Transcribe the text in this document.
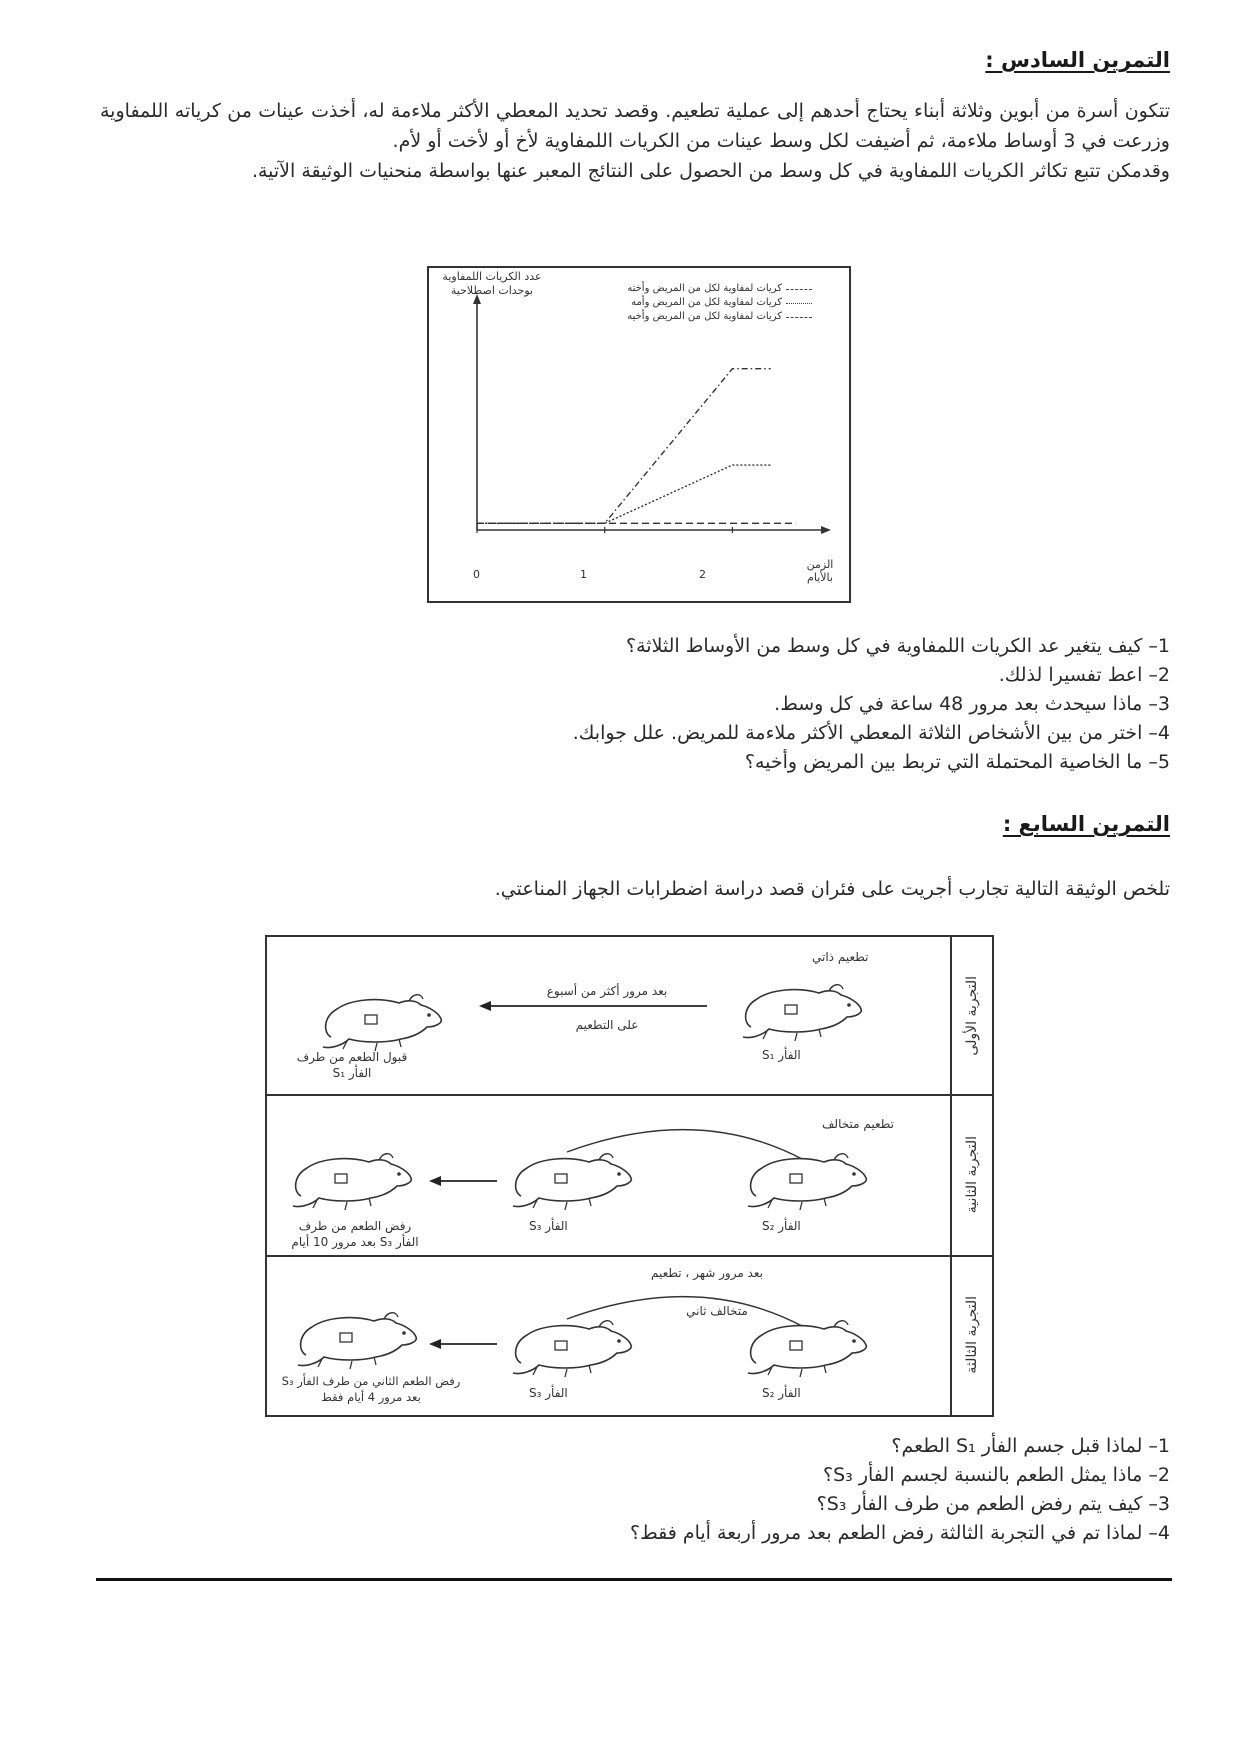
التمرين السادس :

تتكون أسرة من أبوين وثلاثة أبناء يحتاج أحدهم إلى عملية تطعيم. وقصد تحديد المعطي الأكثر ملاءمة له، أخذت عينات من كرياته اللمفاوية وزرعت في 3 أوساط ملاءمة، ثم أضيفت لكل وسط عينات من الكريات اللمفاوية لأخ أو لأخت أو لأم.

وقدمكن تتبع تكاثر الكريات اللمفاوية في كل وسط من الحصول على النتائج المعبر عنها بواسطة منحنيات الوثيقة الآتية.

عدد الكريات اللمفاوية بوحدات اصطلاحية	كريات لمفاوية لكل من المريض وأخته
كريات لمفاوية لكل من المريض وأمه
كريات لمفاوية لكل من المريض وأخيه
الزمن بالأيام
0	1	2
1– كيف يتغير عد الكريات اللمفاوية في كل وسط من الأوساط الثلاثة؟
2– اعط تفسيرا لذلك.
3– ماذا سيحدث بعد مرور 48 ساعة في كل وسط.
4– اختر من بين الأشخاص الثلاثة المعطي الأكثر ملاءمة للمريض. علل جوابك.
5– ما الخاصية المحتملة التي تربط بين المريض وأخيه؟
التمرين السابع :
تلخص الوثيقة التالية تجارب أجريت على فئران قصد دراسة اضطرابات الجهاز المناعتي.
التجربة الأولى
تطعيم ذاتي
الفأر S₁
بعد مرور أكثر من أسبوع
على التطعيم
قبول الطعم من طرف
الفأر S₁
التجربة الثانية
تطعيم متخالف
الفأر S₂
الفأر S₃
رفض الطعم من طرف
الفأر S₃ بعد مرور 10 أيام
التجربة الثالثة
بعد مرور شهر ، تطعيم
متخالف ثاني
الفأر S₂
الفأر S₃
رفض الطعم الثاني من طرف الفأر S₃
بعد مرور 4 أيام فقط
1– لماذا قبل جسم الفأر S₁ الطعم؟
2– ماذا يمثل الطعم بالنسبة لجسم الفأر S₃؟
3– كيف يتم رفض الطعم من طرف الفأر S₃؟
4– لماذا تم في التجربة الثالثة رفض الطعم بعد مرور أربعة أيام فقط؟
